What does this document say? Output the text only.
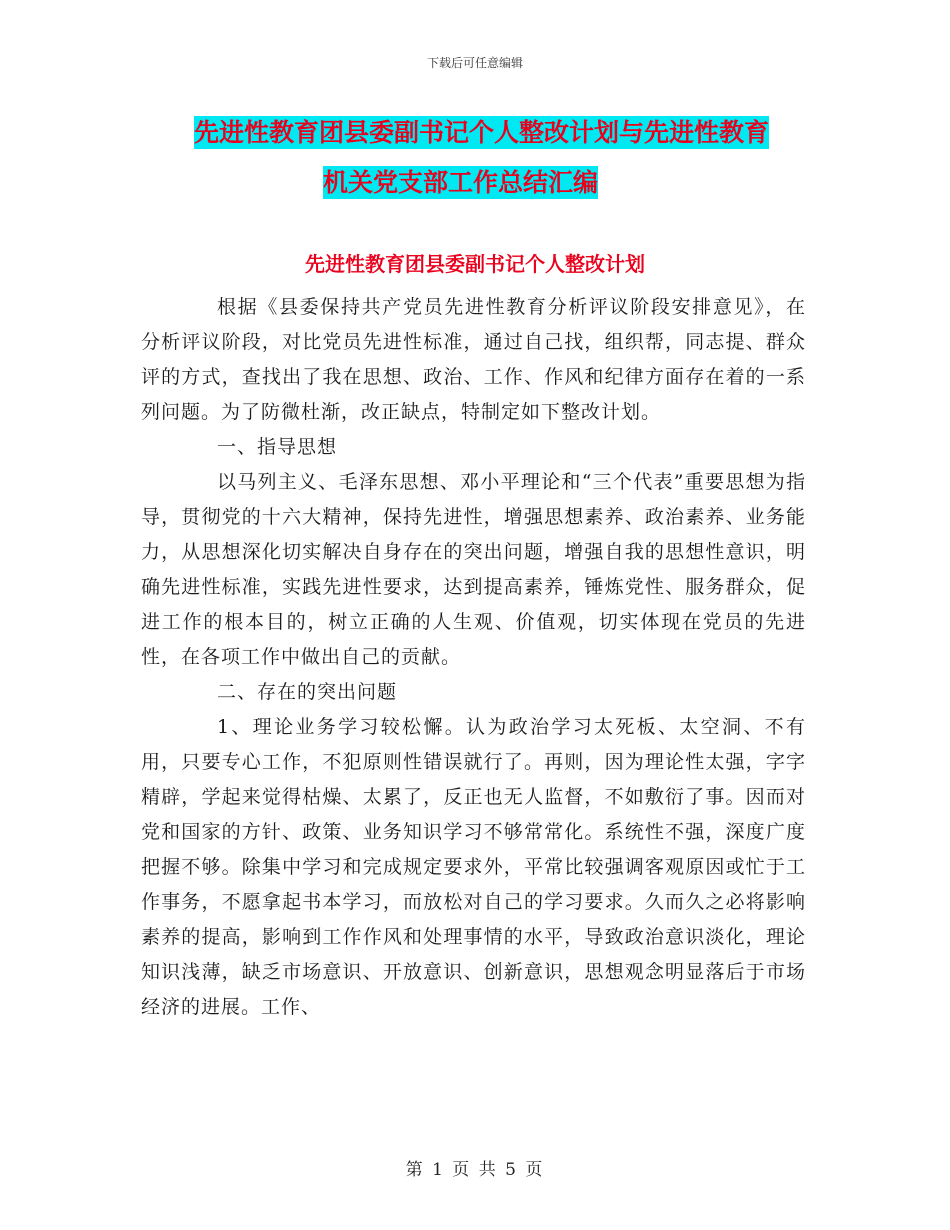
下载后可任意编辑
先进性教育团县委副书记个人整改计划与先进性教育
机关党支部工作总结汇编
先进性教育团县委副书记个人整改计划

根据《县委保持共产党员先进性教育分析评议阶段安排意见》，在分析评议阶段，对比党员先进性标准，通过自己找，组织帮，同志提、群众评的方式，查找出了我在思想、政治、工作、作风和纪律方面存在着的一系列问题。为了防微杜渐，改正缺点，特制定如下整改计划。

一、指导思想

以马列主义、毛泽东思想、邓小平理论和“三个代表”重要思想为指导，贯彻党的十六大精神，保持先进性，增强思想素养、政治素养、业务能力，从思想深化切实解决自身存在的突出问题，增强自我的思想性意识，明确先进性标准，实践先进性要求，达到提高素养，锤炼党性、服务群众，促进工作的根本目的，树立正确的人生观、价值观，切实体现在党员的先进性，在各项工作中做出自己的贡献。

二、存在的突出问题

1、理论业务学习较松懈。认为政治学习太死板、太空洞、不有用，只要专心工作，不犯原则性错误就行了。再则，因为理论性太强，字字精辟，学起来觉得枯燥、太累了，反正也无人监督，不如敷衍了事。因而对党和国家的方针、政策、业务知识学习不够常常化。系统性不强，深度广度把握不够。除集中学习和完成规定要求外，平常比较强调客观原因或忙于工作事务，不愿拿起书本学习，而放松对自己的学习要求。久而久之必将影响素养的提高，影响到工作作风和处理事情的水平，导致政治意识淡化，理论知识浅薄，缺乏市场意识、开放意识、创新意识，思想观念明显落后于市场经济的进展。工作、

第 1 页 共 5 页
